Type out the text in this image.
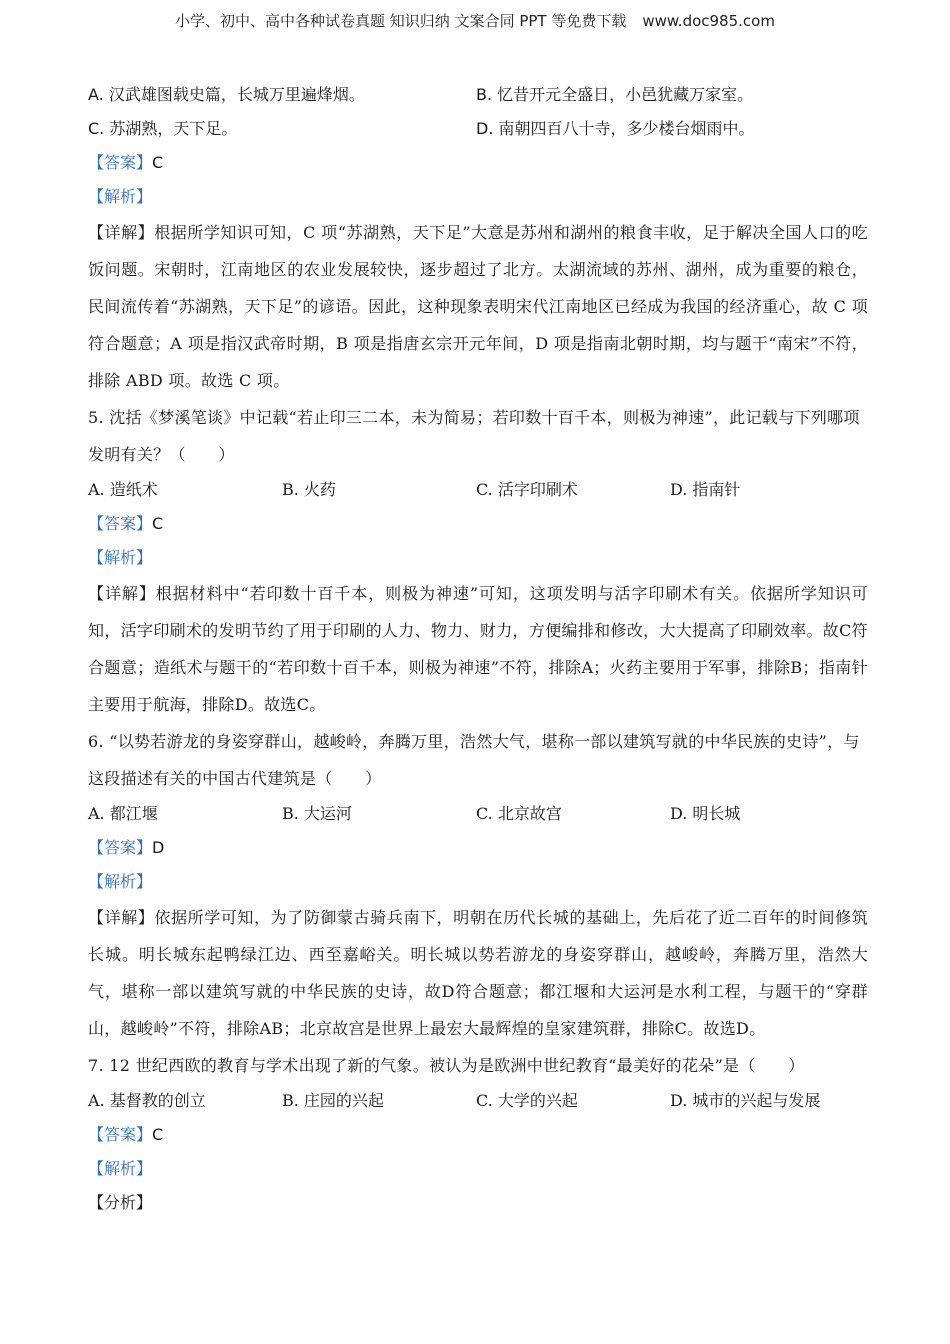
小学、初中、高中各种试卷真题 知识归纳 文案合同 PPT 等免费下载 www.doc985.com
A. 汉武雄图载史篇，长城万里遍烽烟。	B. 忆昔开元全盛日，小邑犹藏万家室。
C. 苏湖熟，天下足。	D. 南朝四百八十寺，多少楼台烟雨中。
【答案】C
【解析】
【详解】根据所学知识可知，C 项“苏湖熟，天下足”大意是苏州和湖州的粮食丰收，足于解决全国人口的吃饭问题。宋朝时，江南地区的农业发展较快，逐步超过了北方。太湖流域的苏州、湖州，成为重要的粮仓，民间流传着“苏湖熟，天下足”的谚语。因此，这种现象表明宋代江南地区已经成为我国的经济重心，故 C 项符合题意；A 项是指汉武帝时期，B 项是指唐玄宗开元年间，D 项是指南北朝时期，均与题干“南宋”不符，排除 ABD 项。故选 C 项。
5. 沈括《梦溪笔谈》中记载“若止印三二本，未为简易；若印数十百千本，则极为神速”，此记载与下列哪项发明有关？（　　）
A. 造纸术	B. 火药	C. 活字印刷术	D. 指南针
【答案】C
【解析】
【详解】根据材料中“若印数十百千本，则极为神速”可知，这项发明与活字印刷术有关。依据所学知识可知，活字印刷术的发明节约了用于印刷的人力、物力、财力，方便编排和修改，大大提高了印刷效率。故C符合题意；造纸术与题干的“若印数十百千本，则极为神速”不符，排除A；火药主要用于军事，排除B；指南针主要用于航海，排除D。故选C。
6. “以势若游龙的身姿穿群山，越峻岭，奔腾万里，浩然大气，堪称一部以建筑写就的中华民族的史诗”，与这段描述有关的中国古代建筑是（　　）
A. 都江堰	B. 大运河	C. 北京故宫	D. 明长城
【答案】D
【解析】
【详解】依据所学可知，为了防御蒙古骑兵南下，明朝在历代长城的基础上，先后花了近二百年的时间修筑长城。明长城东起鸭绿江边、西至嘉峪关。明长城以势若游龙的身姿穿群山，越峻岭，奔腾万里，浩然大气，堪称一部以建筑写就的中华民族的史诗，故D符合题意；都江堰和大运河是水利工程，与题干的“穿群山，越峻岭”不符，排除AB；北京故宫是世界上最宏大最辉煌的皇家建筑群，排除C。故选D。
7. 12 世纪西欧的教育与学术出现了新的气象。被认为是欧洲中世纪教育“最美好的花朵”是（　　）
A. 基督教的创立	B. 庄园的兴起	C. 大学的兴起	D. 城市的兴起与发展
【答案】C
【解析】
【分析】
